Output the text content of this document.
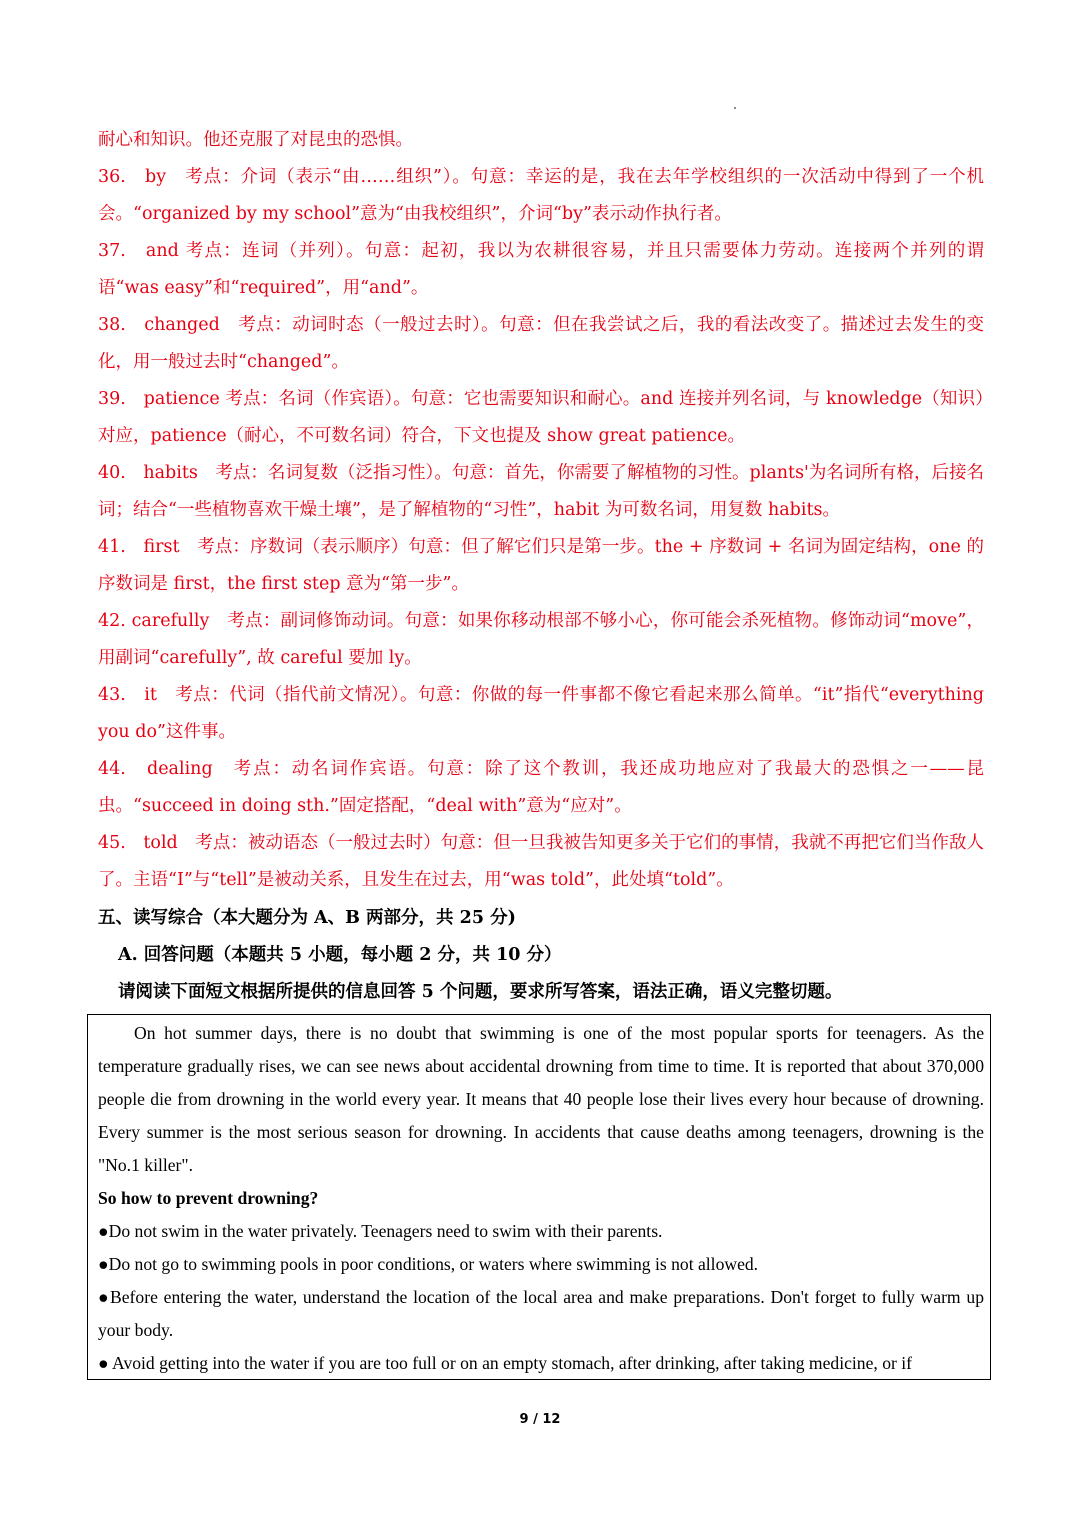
耐心和知识。他还克服了对昆虫的恐惧。

36.　by　考点：介词（表示“由……组织”）。句意：幸运的是，我在去年学校组织的一次活动中得到了一个机会。“organized by my school”意为“由我校组织”，介词“by”表示动作执行者。

37.　and 考点：连词（并列）。句意：起初，我以为农耕很容易，并且只需要体力劳动。连接两个并列的谓语“was easy”和“required”，用“and”。

38.　changed　考点：动词时态（一般过去时）。句意：但在我尝试之后，我的看法改变了。描述过去发生的变化，用一般过去时“changed”。

39.　patience 考点：名词（作宾语）。句意：它也需要知识和耐心。and 连接并列名词，与 knowledge（知识）对应，patience（耐心，不可数名词）符合，下文也提及 show great patience。

40.　habits　考点：名词复数（泛指习性）。句意：首先，你需要了解植物的习性。plants'为名词所有格，后接名词；结合“一些植物喜欢干燥土壤”，是了解植物的“习性”，habit 为可数名词，用复数 habits。

41.　first　考点：序数词（表示顺序）句意：但了解它们只是第一步。the + 序数词 + 名词为固定结构，one 的序数词是 first，the first step 意为“第一步”。

42. carefully　考点：副词修饰动词。句意：如果你移动根部不够小心，你可能会杀死植物。修饰动词“move”，用副词“carefully”, 故 careful 要加 ly。

43.　it　考点：代词（指代前文情况）。句意：你做的每一件事都不像它看起来那么简单。“it”指代“everything you do”这件事。

44.　dealing　考点：动名词作宾语。句意：除了这个教训，我还成功地应对了我最大的恐惧之一——昆虫。“succeed in doing sth.”固定搭配，“deal with”意为“应对”。

45.　told　考点：被动语态（一般过去时）句意：但一旦我被告知更多关于它们的事情，我就不再把它们当作敌人了。主语“I”与“tell”是被动关系，且发生在过去，用“was told”，此处填“told”。

五、读写综合（本大题分为 A、B 两部分，共 25 分)
A. 回答问题（本题共 5 小题，每小题 2 分，共 10 分）
请阅读下面短文根据所提供的信息回答 5 个问题，要求所写答案，语法正确，语义完整切题。

On hot summer days, there is no doubt that swimming is one of the most popular sports for teenagers. As the temperature gradually rises, we can see news about accidental drowning from time to time. It is reported that about 370,000 people die from drowning in the world every year. It means that 40 people lose their lives every hour because of drowning. Every summer is the most serious season for drowning. In accidents that cause deaths among teenagers, drowning is the "No.1 killer".

So how to prevent drowning?

●Do not swim in the water privately. Teenagers need to swim with their parents.

●Do not go to swimming pools in poor conditions, or waters where swimming is not allowed.

●Before entering the water, understand the location of the local area and make preparations. Don't forget to fully warm up your body.

● Avoid getting into the water if you are too full or on an empty stomach, after drinking, after taking medicine, or if

9 / 12
